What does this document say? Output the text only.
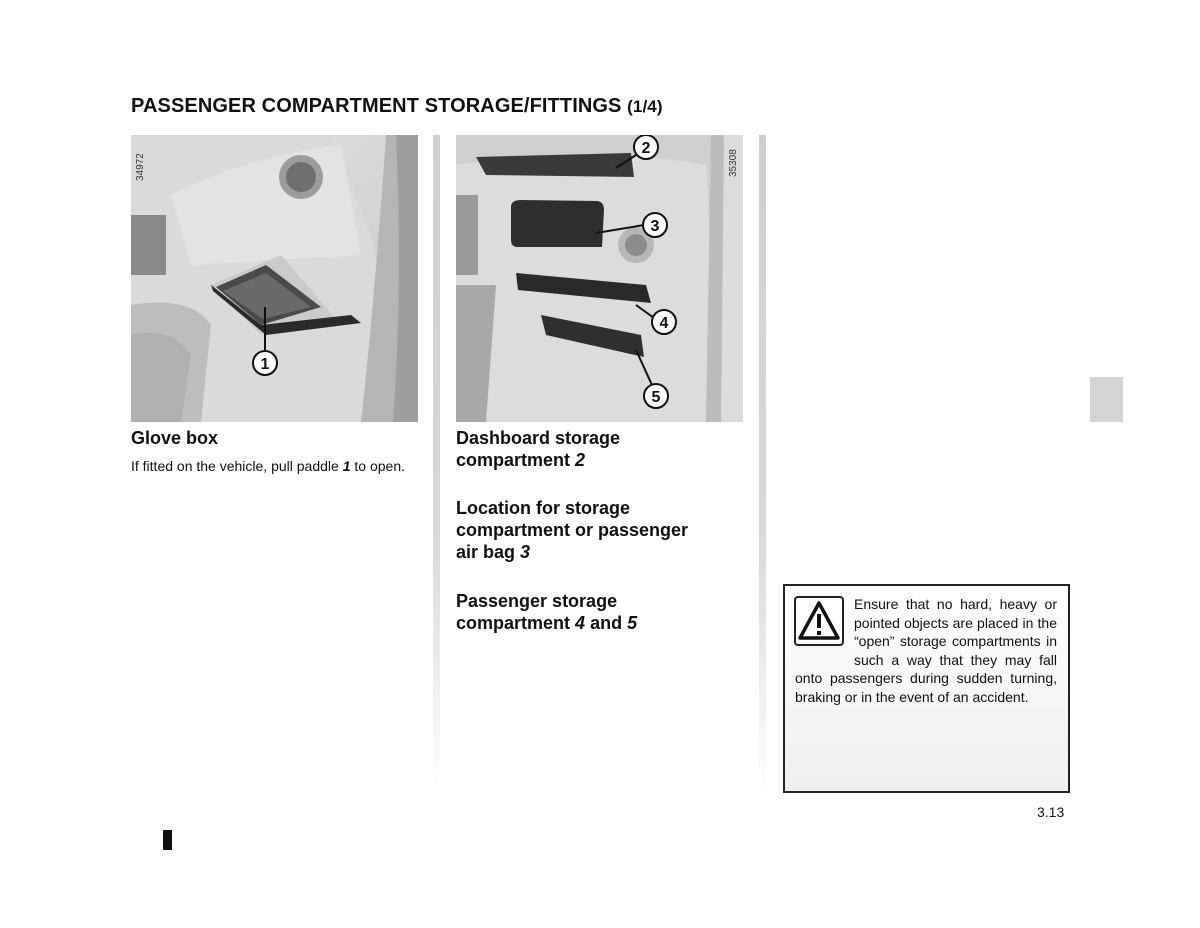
PASSENGER COMPARTMENT STORAGE/FITTINGS (1/4)
1
34972
2
3
4
5
35308
Glove box
If fitted on the vehicle, pull paddle 1 to open.
Dashboard storage
compartment 2
Location for storage
compartment or passenger
air bag 3
Passenger storage
compartment 4 and 5
Ensure that no hard, heavy or pointed objects are placed in the “open” storage compartments in such a way that they may fall onto passengers during sudden turning, braking or in the event of an accident.
3.13
